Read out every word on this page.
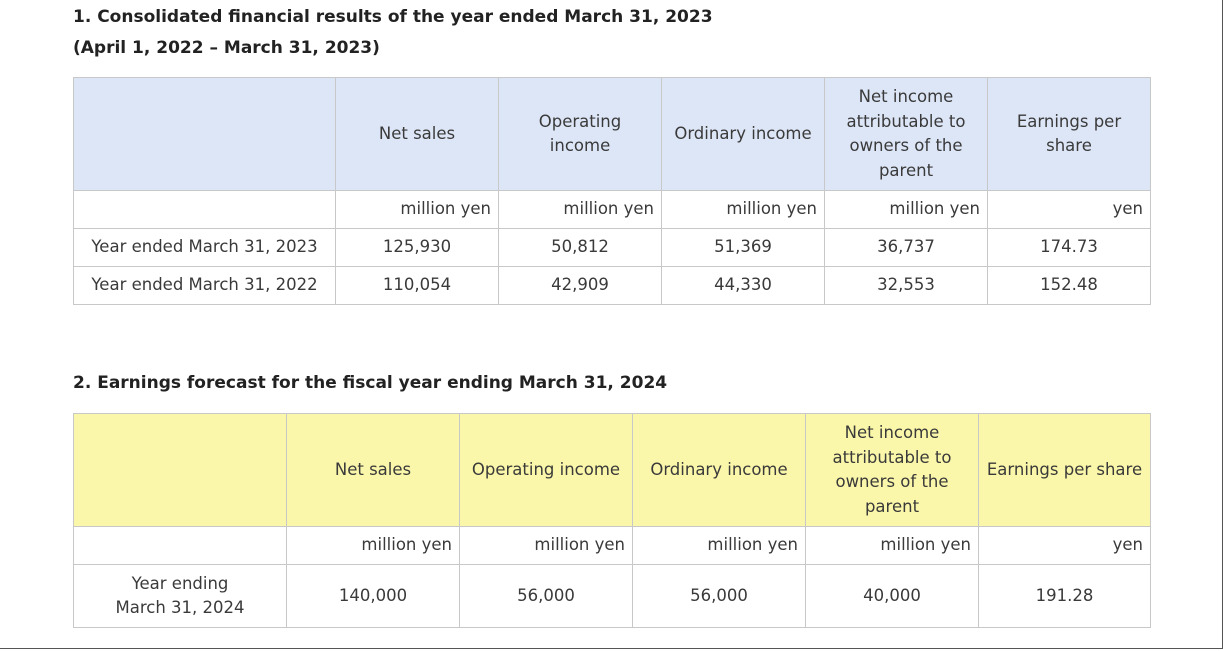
1. Consolidated financial results of the year ended March 31, 2023
(April 1, 2022 – March 31, 2023)
	Net sales	Operating income	Ordinary income	Net income attributable to owners of the parent	Earnings per share
	million yen	million yen	million yen	million yen	yen
Year ended March 31, 2023	125,930	50,812	51,369	36,737	174.73
Year ended March 31, 2022	110,054	42,909	44,330	32,553	152.48
2. Earnings forecast for the fiscal year ending March 31, 2024
	Net sales	Operating income	Ordinary income	Net income attributable to owners of the parent	Earnings per share
	million yen	million yen	million yen	million yen	yen
Year ending March 31, 2024	140,000	56,000	56,000	40,000	191.28
